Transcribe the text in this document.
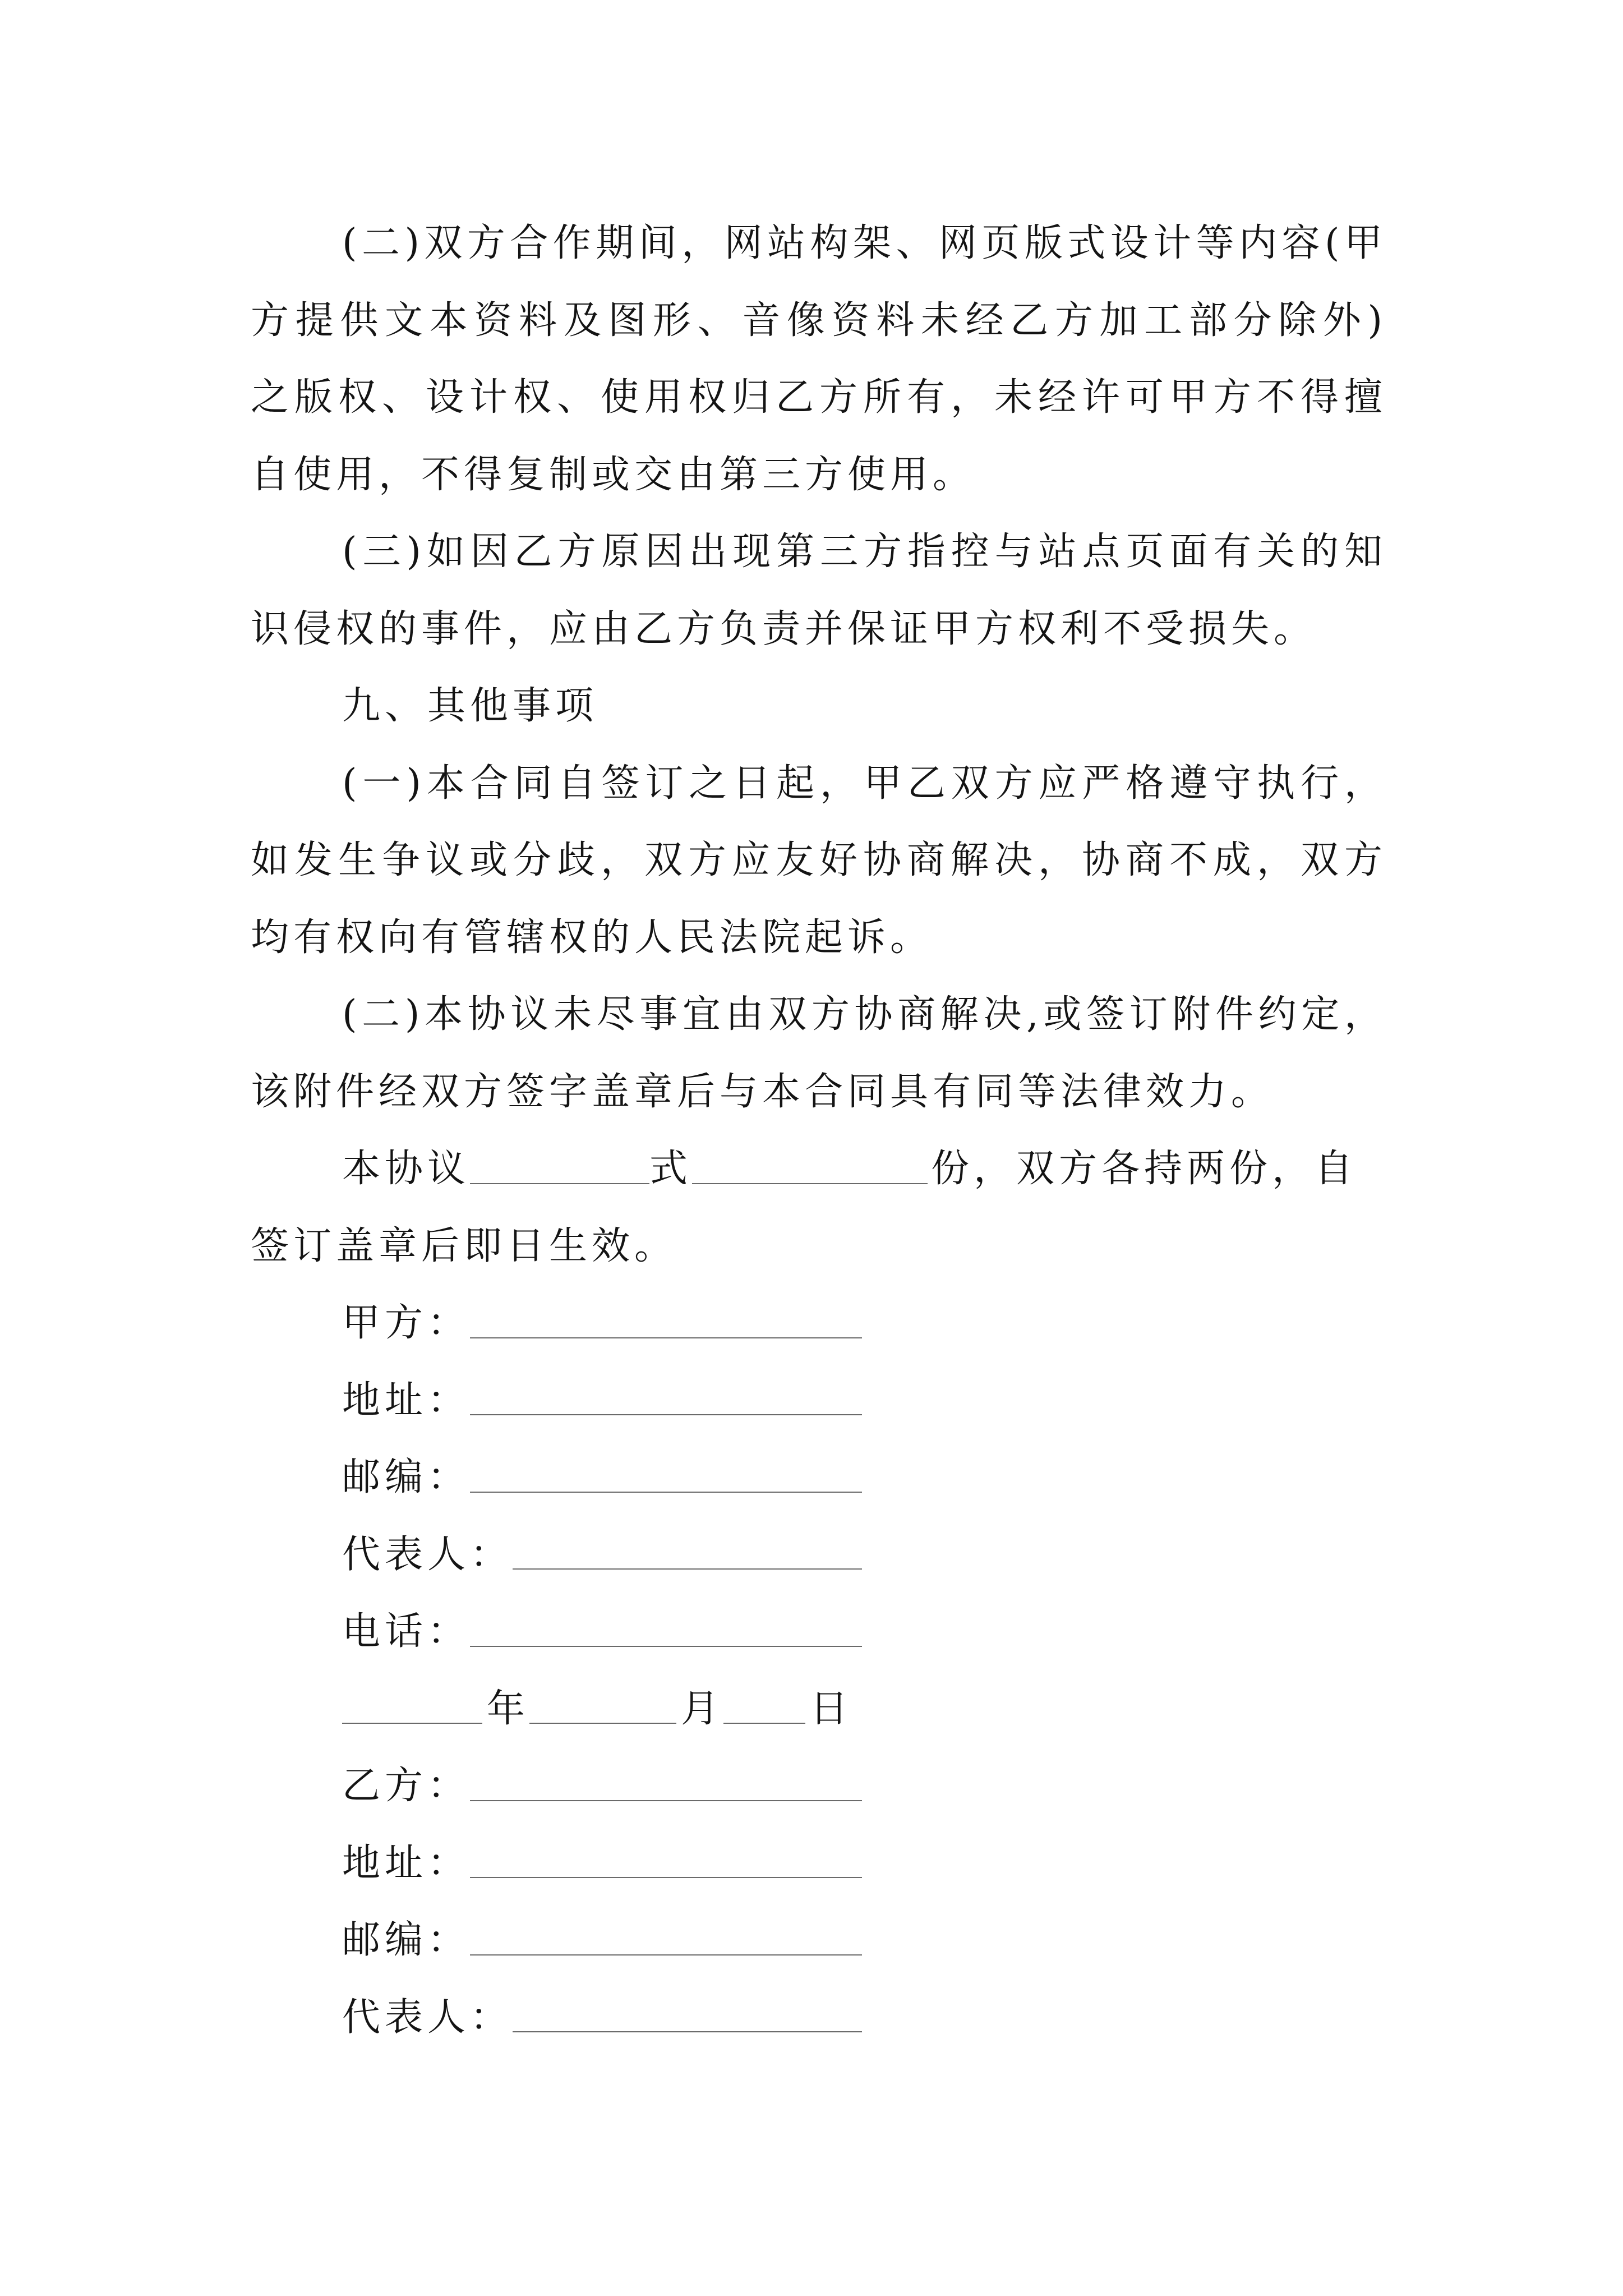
(二)双方合作期间，网站构架、网页版式设计等内容(甲
方提供文本资料及图形、音像资料未经乙方加工部分除外)
之版权、设计权、使用权归乙方所有，未经许可甲方不得擅
自使用，不得复制或交由第三方使用。
(三)如因乙方原因出现第三方指控与站点页面有关的知
识侵权的事件，应由乙方负责并保证甲方权利不受损失。
九、其他事项
(一)本合同自签订之日起，甲乙双方应严格遵守执行，
如发生争议或分歧，双方应友好协商解决，协商不成，双方
均有权向有管辖权的人民法院起诉。
(二)本协议未尽事宜由双方协商解决,或签订附件约定，
该附件经双方签字盖章后与本合同具有同等法律效力。
本协议	式	份，双方各持两份，自
签订盖章后即日生效。
甲方：
地址：
邮编：
代表人：
电话：
年	月 日
乙方：
地址：
邮编：
代表人：
